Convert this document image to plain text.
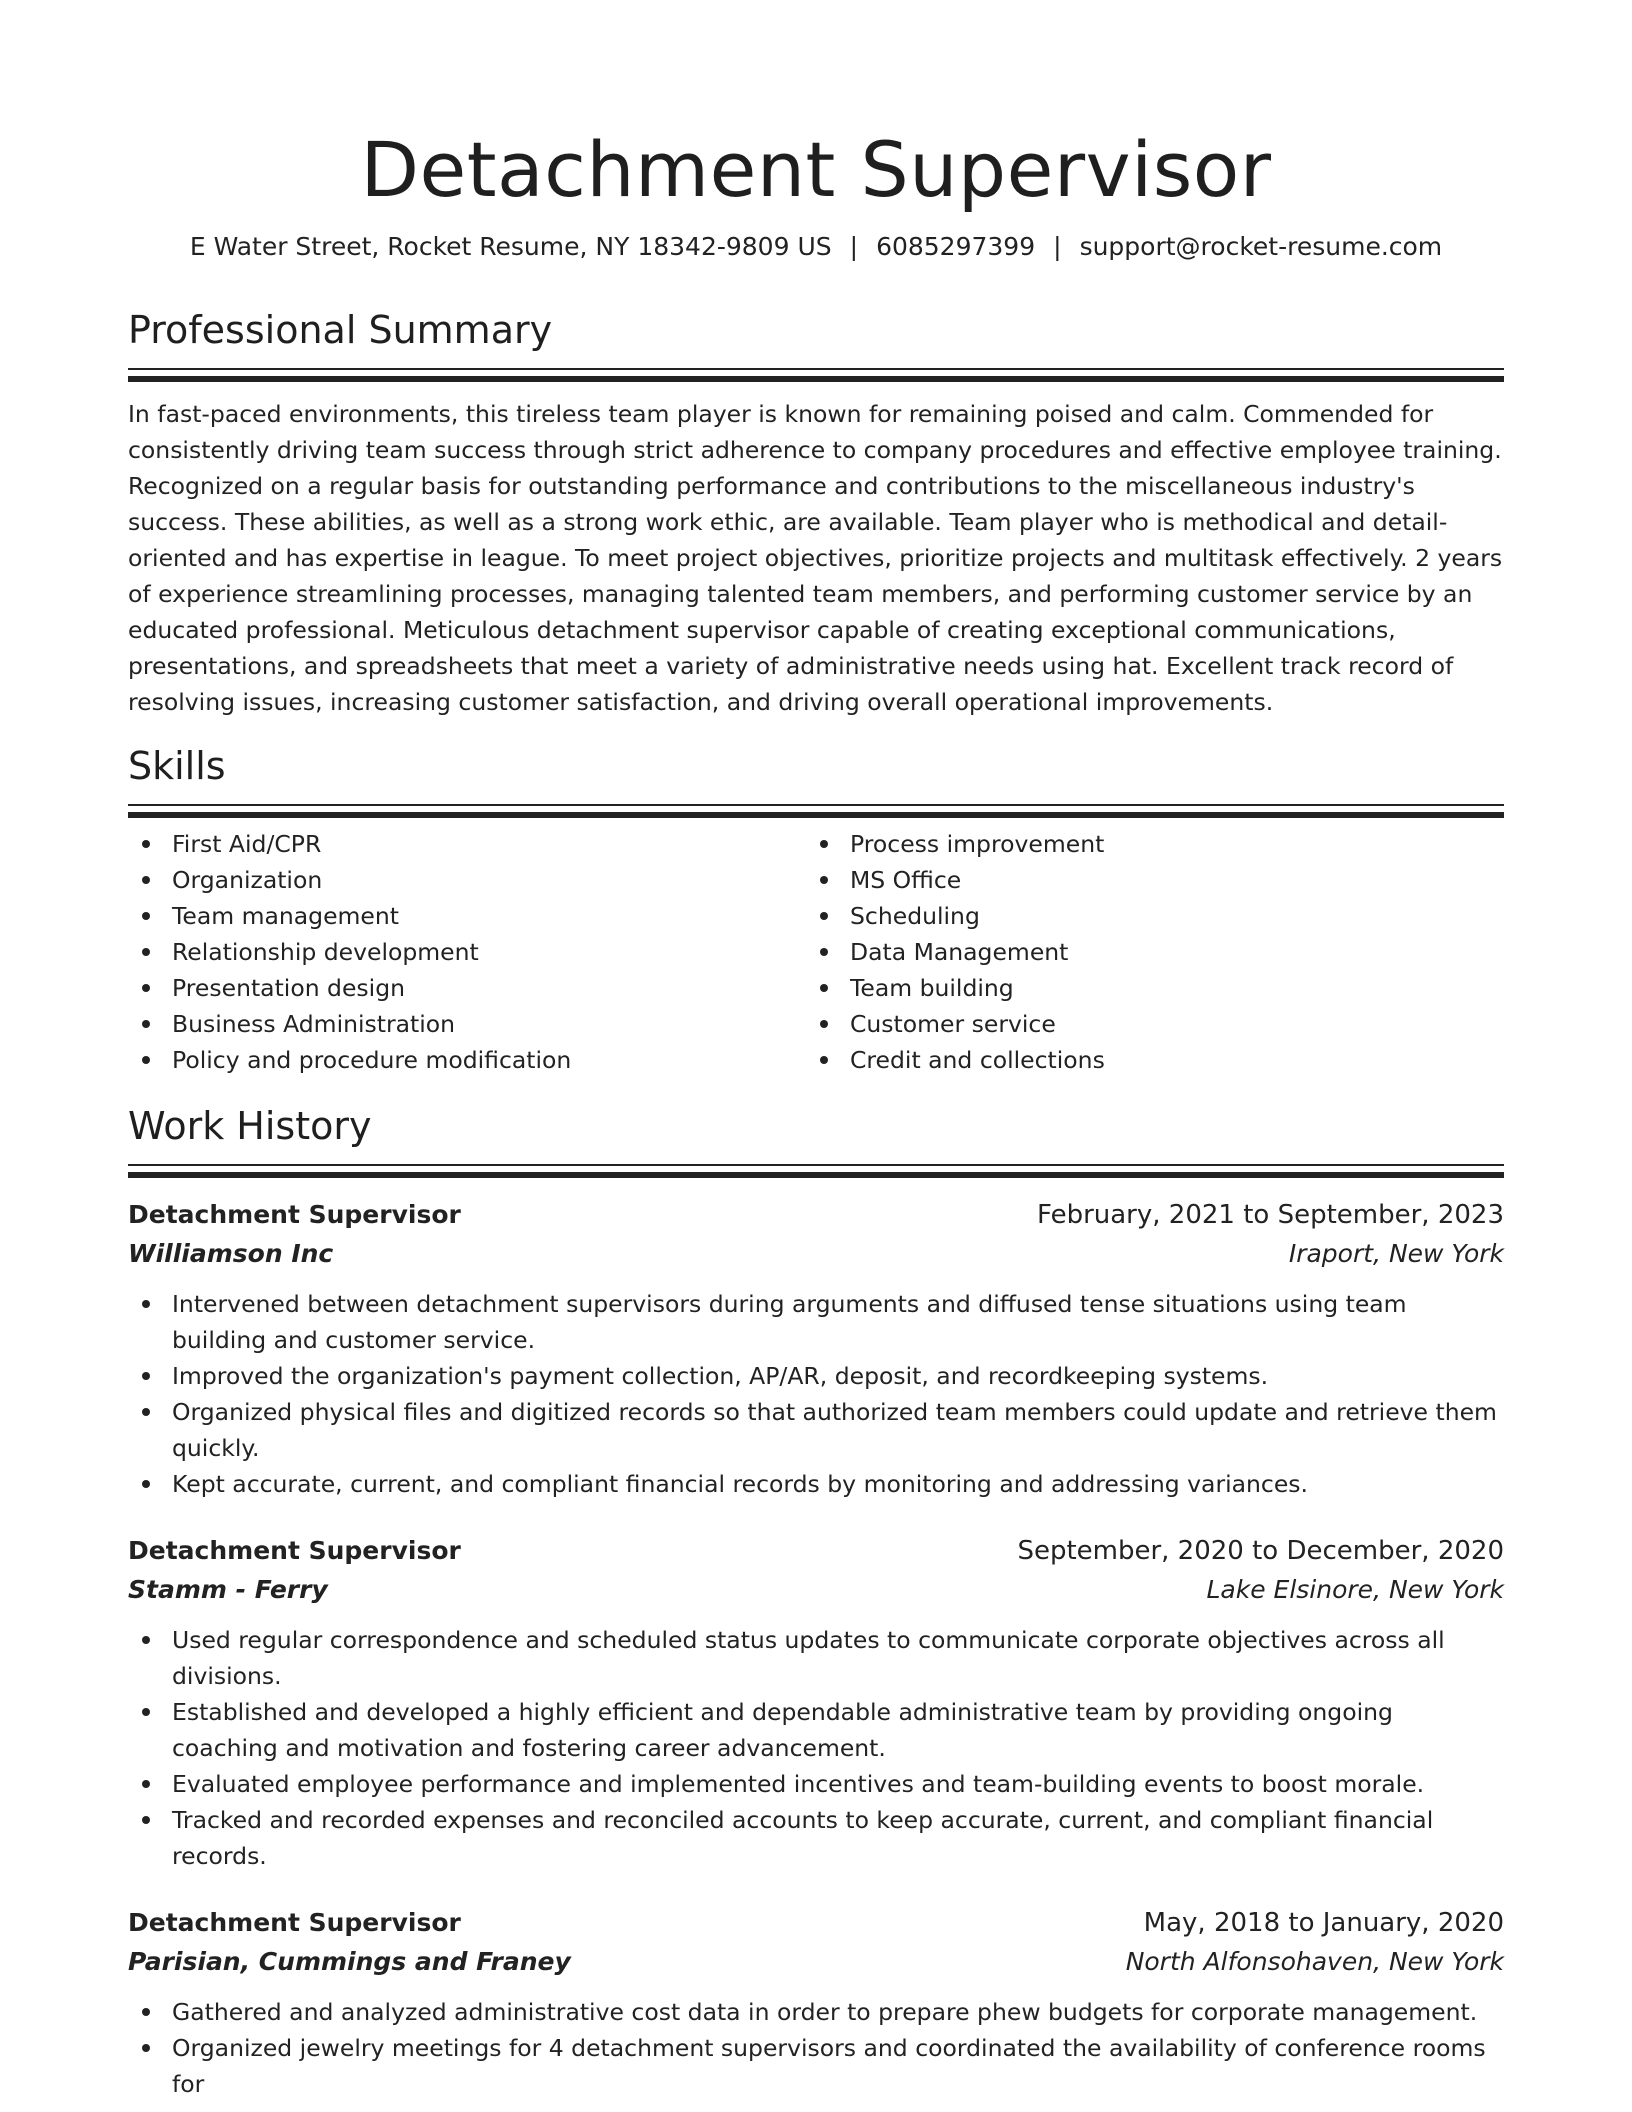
Detachment Supervisor
E Water Street, Rocket Resume, NY 18342-9809 US | 6085297399 | support@rocket-resume.com
Professional Summary

In fast-paced environments, this tireless team player is known for remaining poised and calm. Commended for consistently driving team success through strict adherence to company procedures and effective employee training. Recognized on a regular basis for outstanding performance and contributions to the miscellaneous industry's success. These abilities, as well as a strong work ethic, are available. Team player who is methodical and detail-oriented and has expertise in league. To meet project objectives, prioritize projects and multitask effectively. 2 years of experience streamlining processes, managing talented team members, and performing customer service by an educated professional. Meticulous detachment supervisor capable of creating exceptional communications, presentations, and spreadsheets that meet a variety of administrative needs using hat. Excellent track record of resolving issues, increasing customer satisfaction, and driving overall operational improvements.

Skills
First Aid/CPR
Organization
Team management
Relationship development
Presentation design
Business Administration
Policy and procedure modification
Process improvement
MS Office
Scheduling
Data Management
Team building
Customer service
Credit and collections
Work History
Detachment Supervisor	February, 2021 to September, 2023
Williamson Inc	Iraport, New York
Intervened between detachment supervisors during arguments and diffused tense situations using team building and customer service.
Improved the organization's payment collection, AP/AR, deposit, and recordkeeping systems.
Organized physical files and digitized records so that authorized team members could update and retrieve them quickly.
Kept accurate, current, and compliant financial records by monitoring and addressing variances.
Detachment Supervisor	September, 2020 to December, 2020
Stamm - Ferry	Lake Elsinore, New York
Used regular correspondence and scheduled status updates to communicate corporate objectives across all divisions.
Established and developed a highly efficient and dependable administrative team by providing ongoing coaching and motivation and fostering career advancement.
Evaluated employee performance and implemented incentives and team-building events to boost morale.
Tracked and recorded expenses and reconciled accounts to keep accurate, current, and compliant financial records.
Detachment Supervisor	May, 2018 to January, 2020
Parisian, Cummings and Franey	North Alfonsohaven, New York
Gathered and analyzed administrative cost data in order to prepare phew budgets for corporate management.
Organized jewelry meetings for 4 detachment supervisors and coordinated the availability of conference rooms for
